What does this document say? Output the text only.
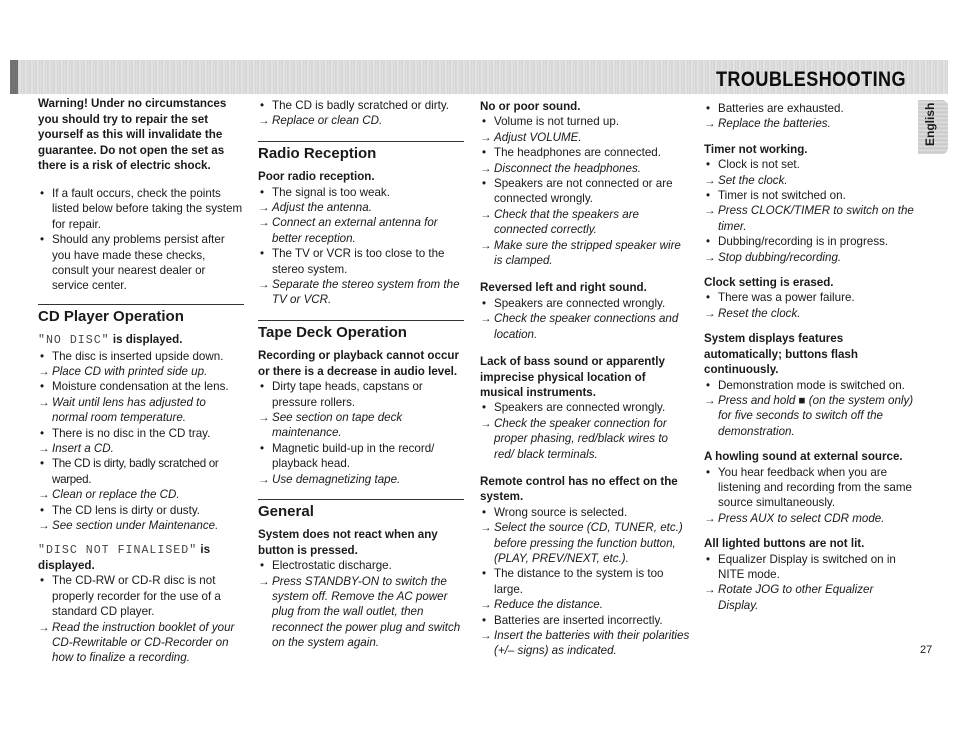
TROUBLESHOOTING
English
Warning! Under no circumstances you should try to repair the set yourself as this will invalidate the guarantee. Do not open the set as there is a risk of electric shock.
• If a fault occurs, check the points listed below before taking the system for repair.
• Should any problems persist after you have made these checks, consult your nearest dealer or service center.
CD Player Operation
"NO DISC" is displayed.
• The disc is inserted upside down.
→ Place CD with printed side up.
• Moisture condensation at the lens.
→ Wait until lens has adjusted to normal room temperature.
• There is no disc in the CD tray.
→ Insert a CD.
• The CD is dirty, badly scratched or warped.
→ Clean or replace the CD.
• The CD lens is dirty or dusty.
→ See section under Maintenance.
"DISC NOT FINALISED" is displayed.
• The CD-RW or CD-R disc is not properly recorder for the use of a standard CD player.
→ Read the instruction booklet of your CD-Rewritable or CD-Recorder on how to finalize a recording.
• The CD is badly scratched or dirty.
→ Replace or clean CD.
Radio Reception
Poor radio reception.
• The signal is too weak.
→ Adjust the antenna.
→ Connect an external antenna for better reception.
• The TV or VCR is too close to the stereo system.
→ Separate the stereo system from the TV or VCR.
Tape Deck Operation
Recording or playback cannot occur or there is a decrease in audio level.
• Dirty tape heads, capstans or pressure rollers.
→ See section on tape deck maintenance.
• Magnetic build-up in the record/ playback head.
→ Use demagnetizing tape.
General
System does not react when any button is pressed.
• Electrostatic discharge.
→ Press STANDBY-ON to switch the system off. Remove the AC power plug from the wall outlet, then reconnect the power plug and switch on the system again.
No or poor sound.
• Volume is not turned up.
→ Adjust VOLUME.
• The headphones are connected.
→ Disconnect the headphones.
• Speakers are not connected or are connected wrongly.
→ Check that the speakers are connected correctly.
→ Make sure the stripped speaker wire is clamped.
Reversed left and right sound.
• Speakers are connected wrongly.
→ Check the speaker connections and location.
Lack of bass sound or apparently imprecise physical location of musical instruments.
• Speakers are connected wrongly.
→ Check the speaker connection for proper phasing, red/black wires to red/ black terminals.
Remote control has no effect on the system.
• Wrong source is selected.
→ Select the source (CD, TUNER, etc.) before pressing the function button, (PLAY, PREV/NEXT, etc.).
• The distance to the system is too large.
→ Reduce the distance.
• Batteries are inserted incorrectly.
→ Insert the batteries with their polarities (+/– signs) as indicated.
• Batteries are exhausted.
→ Replace the batteries.
Timer not working.
• Clock is not set.
→ Set the clock.
• Timer is not switched on.
→ Press CLOCK/TIMER to switch on the timer.
• Dubbing/recording is in progress.
→ Stop dubbing/recording.
Clock setting is erased.
• There was a power failure.
→ Reset the clock.
System displays features automatically; buttons flash continuously.
• Demonstration mode is switched on.
→ Press and hold ■ (on the system only) for five seconds to switch off the demonstration.
A howling sound at external source.
• You hear feedback when you are listening and recording from the same source simultaneously.
→ Press AUX to select CDR mode.
All lighted buttons are not lit.
• Equalizer Display is switched on in NITE mode.
→ Rotate JOG to other Equalizer Display.
27
